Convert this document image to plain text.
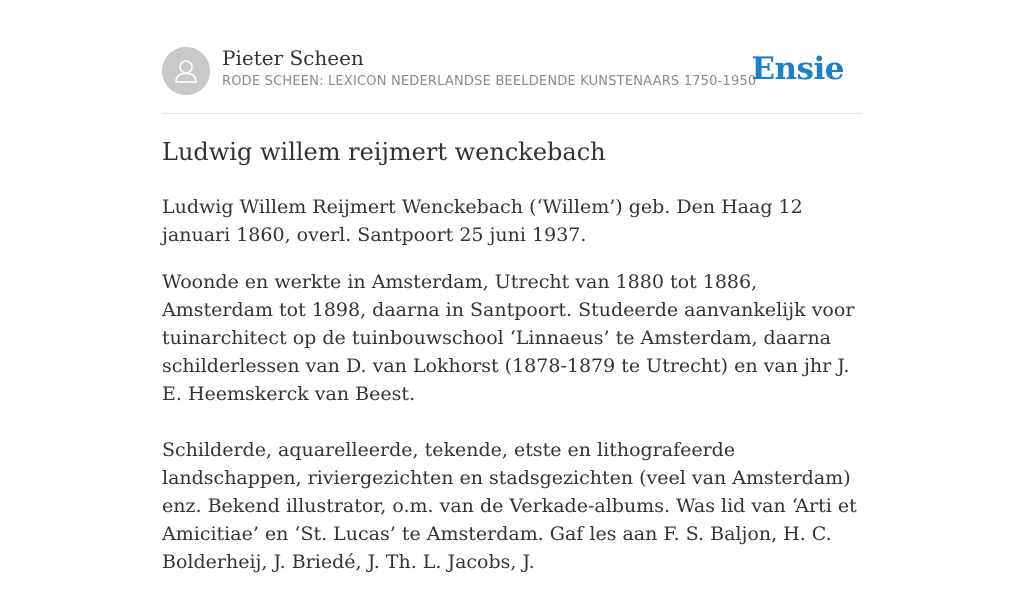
Pieter Scheen
RODE SCHEEN: LEXICON NEDERLANDSE BEELDENDE KUNSTENAARS 1750-1950
Ensie
Ludwig willem reijmert wenckebach

Ludwig Willem Reijmert Wenckebach (‘Willem’) geb. Den Haag 12 januari 1860, overl. Santpoort 25 juni 1937.

Woonde en werkte in Amsterdam, Utrecht van 1880 tot 1886, Amsterdam tot 1898, daarna in Santpoort. Studeerde aanvankelijk voor tuinarchitect op de tuinbouwschool ‘Linnaeus’ te Amsterdam, daarna schilderlessen van D. van Lokhorst (1878-1879 te Utrecht) en van jhr J. E. Heemskerck van Beest.

Schilderde, aquarelleerde, tekende, etste en lithografeerde landschappen, riviergezichten en stadsgezichten (veel van Amsterdam) enz. Bekend illustrator, o.m. van de Verkade-albums. Was lid van ‘Arti et Amicitiae’ en ‘St. Lucas’ te Amsterdam. Gaf les aan F. S. Baljon, H. C. Bolderheij, J. Briedé, J. Th. L. Jacobs, J.
